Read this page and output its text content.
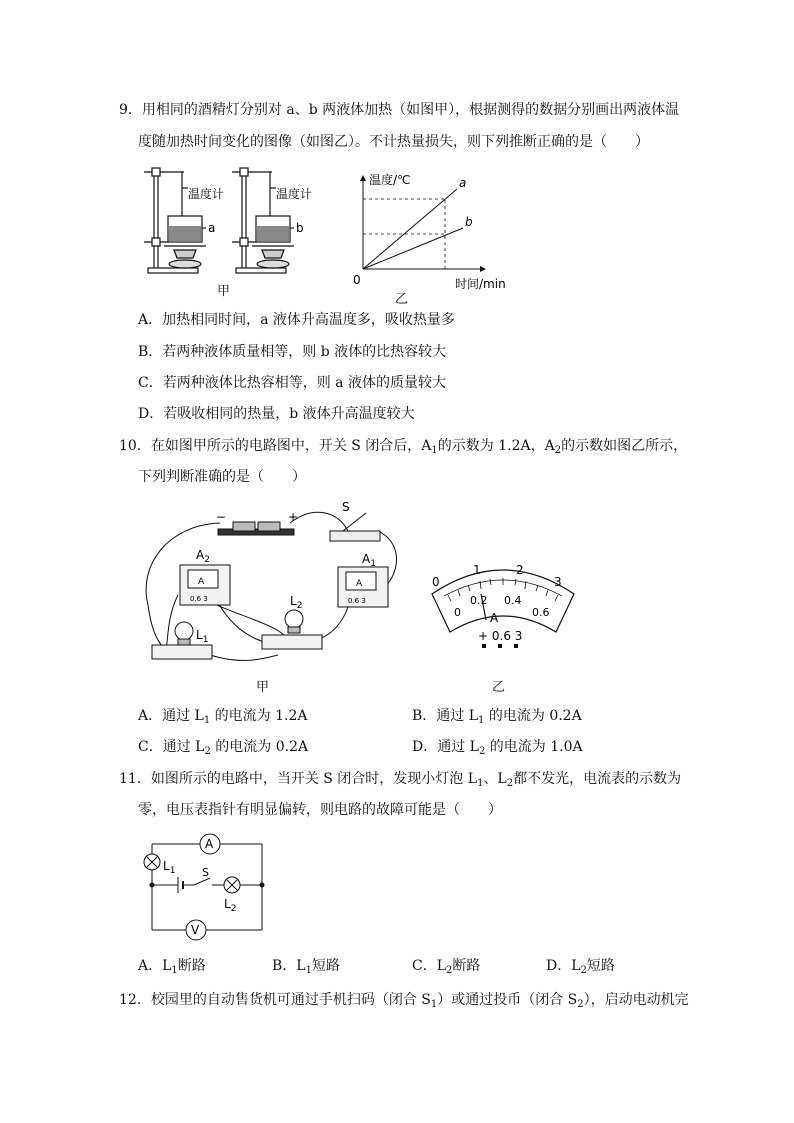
9．用相同的酒精灯分别对 a、b 两液体加热（如图甲），根据测得的数据分别画出两液体温
度随加热时间变化的图像（如图乙）。不计热量损失，则下列推断正确的是（　　）
温度计	温度计
a	b
甲
温度/℃
时间/min
0
a
b
乙
A．加热相同时间，a 液体升高温度多，吸收热量多
B．若两种液体质量相等，则 b 液体的比热容较大
C．若两种液体比热容相等，则 a 液体的质量较大
D．若吸收相同的热量，b 液体升高温度较大
10．在如图甲所示的电路图中，开关 S 闭合后，$A_1$的示数为 1.2A，$A_2$的示数如图乙所示，
下列判断准确的是（　　）
−	+
S
$A_2$	$A_1$
A	A
0.6 3	0.6 3
$L_1$
$L_2$
甲
0
1	2
3
0
0.2 0.4
0.6
A
+ 0.6 3
乙
A．通过 $L_1$ 的电流为 1.2A	B．通过 $L_1$ 的电流为 0.2A
C．通过 $L_2$ 的电流为 0.2A	D．通过 $L_2$ 的电流为 1.0A
11．如图所示的电路中，当开关 S 闭合时，发现小灯泡 $L_1$、$L_2$都不发光，电流表的示数为
零，电压表指针有明显偏转，则电路的故障可能是（　　）
A
V
$L_1$
$L_2$
S
A．$L_1$断路	B．$L_1$短路	C．$L_2$断路	D．$L_2$短路
12．校园里的自动售货机可通过手机扫码（闭合 $S_1$）或通过投币（闭合 $S_2$），启动电动机完
